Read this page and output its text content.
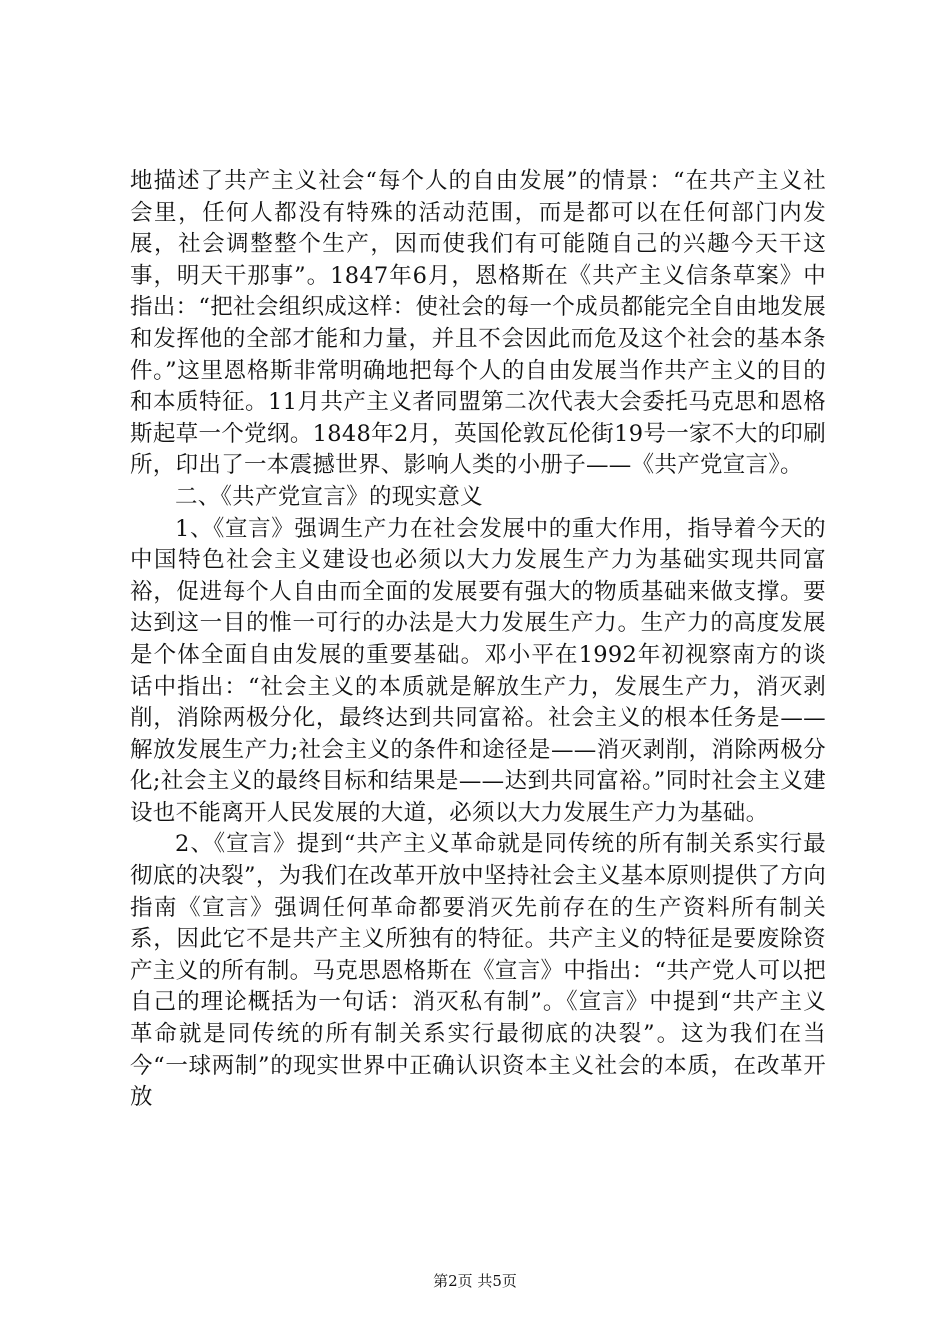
地描述了共产主义社会“每个人的自由发展”的情景：“在共产主义社会里，任何人都没有特殊的活动范围，而是都可以在任何部门内发展，社会调整整个生产，因而使我们有可能随自己的兴趣今天干这事，明天干那事”。1847年6月，恩格斯在《共产主义信条草案》中指出：“把社会组织成这样：使社会的每一个成员都能完全自由地发展和发挥他的全部才能和力量，并且不会因此而危及这个社会的基本条件。”这里恩格斯非常明确地把每个人的自由发展当作共产主义的目的和本质特征。11月共产主义者同盟第二次代表大会委托马克思和恩格斯起草一个党纲。1848年2月，英国伦敦瓦伦街19号一家不大的印刷所，印出了一本震撼世界、影响人类的小册子——《共产党宣言》。

二、《共产党宣言》的现实意义

1、《宣言》强调生产力在社会发展中的重大作用，指导着今天的中国特色社会主义建设也必须以大力发展生产力为基础实现共同富裕，促进每个人自由而全面的发展要有强大的物质基础来做支撑。要达到这一目的惟一可行的办法是大力发展生产力。生产力的高度发展是个体全面自由发展的重要基础。邓小平在1992年初视察南方的谈话中指出：“社会主义的本质就是解放生产力，发展生产力，消灭剥削，消除两极分化，最终达到共同富裕。社会主义的根本任务是——解放发展生产力;社会主义的条件和途径是——消灭剥削，消除两极分化;社会主义的最终目标和结果是——达到共同富裕。”同时社会主义建设也不能离开人民发展的大道，必须以大力发展生产力为基础。

2、《宣言》提到“共产主义革命就是同传统的所有制关系实行最彻底的决裂”，为我们在改革开放中坚持社会主义基本原则提供了方向指南《宣言》强调任何革命都要消灭先前存在的生产资料所有制关系，因此它不是共产主义所独有的特征。共产主义的特征是要废除资产主义的所有制。马克思恩格斯在《宣言》中指出：“共产党人可以把自己的理论概括为一句话：消灭私有制”。《宣言》中提到“共产主义革命就是同传统的所有制关系实行最彻底的决裂”。这为我们在当今“一球两制”的现实世界中正确认识资本主义社会的本质，在改革开放

第2页 共5页
